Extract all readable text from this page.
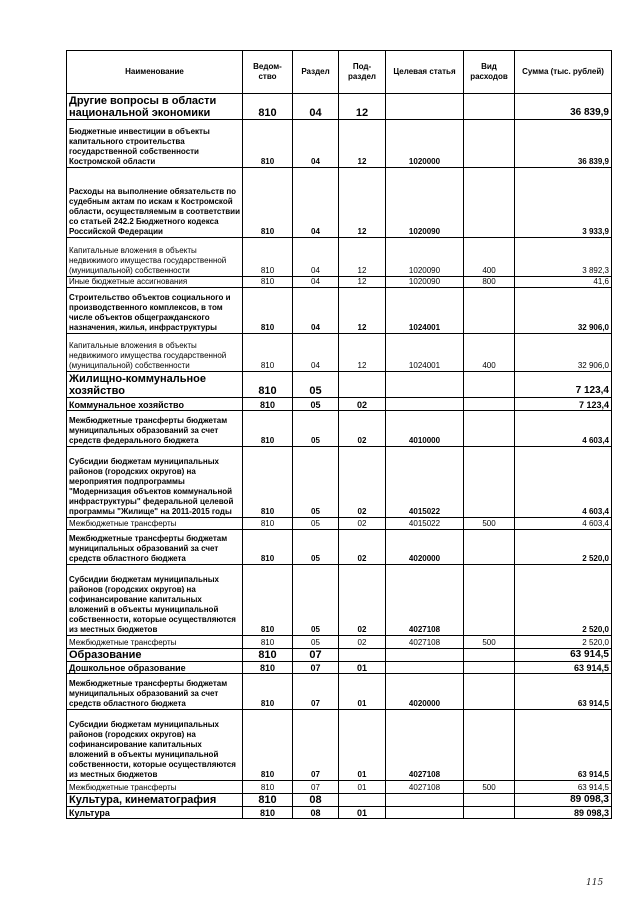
Наименование	Ведом-ство	Раздел	Под-раздел	Целевая статья	Вид расходов	Сумма (тыс. рублей)
Другие вопросы в области национальной экономики	810	04	12			36 839,9
Бюджетные инвестиции в объекты капитального строительства государственной собственности Костромской области	810	04	12	1020000		36 839,9
Расходы на выполнение обязательств по судебным актам по искам к Костромской области, осуществляемым в соответствии со статьей 242.2 Бюджетного кодекса Российской Федерации	810	04	12	1020090		3 933,9
Капитальные вложения в объекты недвижимого имущества государственной (муниципальной) собственности	810	04	12	1020090	400	3 892,3
Иные бюджетные ассигнования	810	04	12	1020090	800	41,6
Строительство объектов социального и производственного комплексов, в том числе объектов общегражданского назначения, жилья, инфраструктуры	810	04	12	1024001		32 906,0
Капитальные вложения в объекты недвижимого имущества государственной (муниципальной) собственности	810	04	12	1024001	400	32 906,0
Жилищно-коммунальное хозяйство	810	05				7 123,4
Коммунальное хозяйство	810	05	02			7 123,4
Межбюджетные трансферты бюджетам муниципальных образований за счет средств федерального бюджета	810	05	02	4010000		4 603,4
Субсидии бюджетам муниципальных районов (городских округов) на мероприятия подпрограммы "Модернизация объектов коммунальной инфраструктуры" федеральной целевой программы "Жилище" на 2011-2015 годы	810	05	02	4015022		4 603,4
Межбюджетные трансферты	810	05	02	4015022	500	4 603,4
Межбюджетные трансферты бюджетам муниципальных образований за счет средств областного бюджета	810	05	02	4020000		2 520,0
Субсидии бюджетам муниципальных районов (городских округов) на софинансирование капитальных вложений в объекты муниципальной собственности, которые осуществляются из местных бюджетов	810	05	02	4027108		2 520,0
Межбюджетные трансферты	810	05	02	4027108	500	2 520,0
Образование	810	07				63 914,5
Дошкольное образование	810	07	01			63 914,5
Межбюджетные трансферты бюджетам муниципальных образований за счет средств областного бюджета	810	07	01	4020000		63 914,5
Субсидии бюджетам муниципальных районов (городских округов) на софинансирование капитальных вложений в объекты муниципальной собственности, которые осуществляются из местных бюджетов	810	07	01	4027108		63 914,5
Межбюджетные трансферты	810	07	01	4027108	500	63 914,5
Культура, кинематография	810	08				89 098,3
Культура	810	08	01			89 098,3
115
